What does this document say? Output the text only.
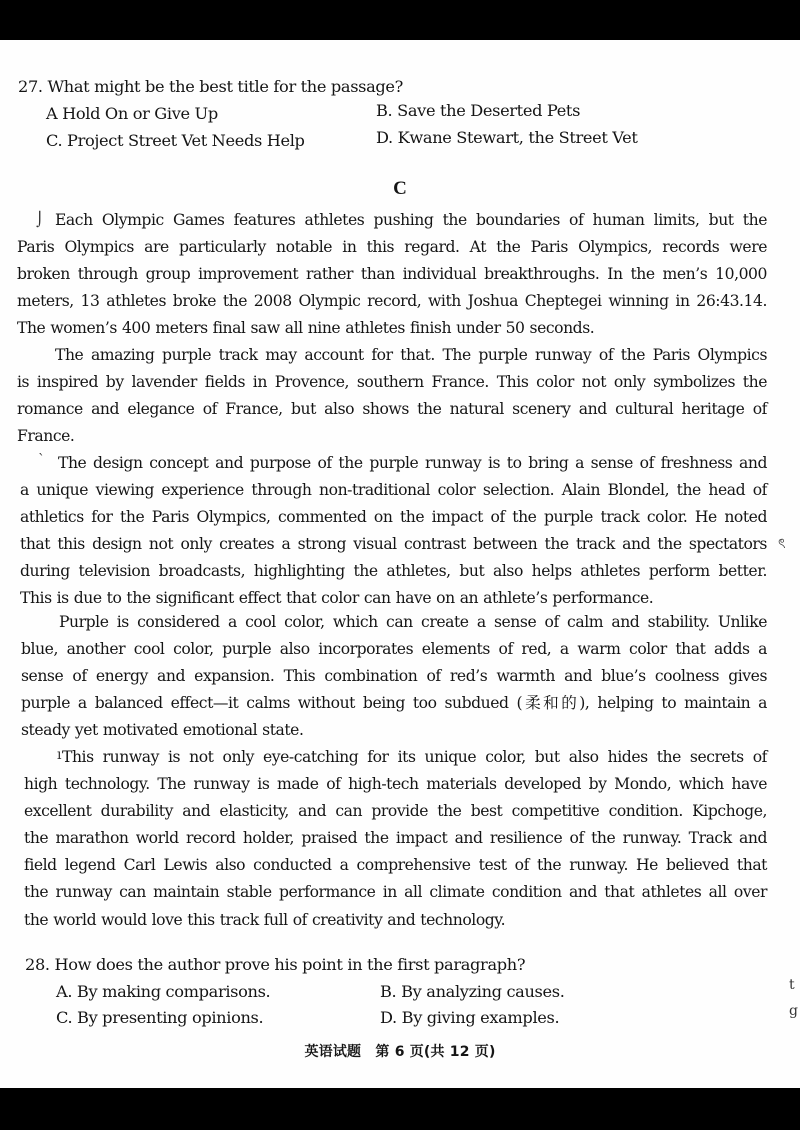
27. What might be the best title for the passage?
A Hold On or Give Up	B. Save the Deserted Pets
C. Project Street Vet Needs Help	D. Kwane Stewart, the Street Vet
C
Each Olympic Games features athletes pushing the boundaries of human limits, but the
Paris Olympics are particularly notable in this regard. At the Paris Olympics, records were
broken through group improvement rather than individual breakthroughs. In the men’s 10,000
meters, 13 athletes broke the 2008 Olympic record, with Joshua Cheptegei winning in 26:43.14.
The women’s 400 meters final saw all nine athletes finish under 50 seconds.
⌡
The amazing purple track may account for that. The purple runway of the Paris Olympics
is inspired by lavender fields in Provence, southern France. This color not only symbolizes the
romance and elegance of France, but also shows the natural scenery and cultural heritage of
France.
The design concept and purpose of the purple runway is to bring a sense of freshness and
a unique viewing experience through non-traditional color selection. Alain Blondel, the head of
athletics for the Paris Olympics, commented on the impact of the purple track color. He noted
that this design not only creates a strong visual contrast between the track and the spectators
during television broadcasts, highlighting the athletes, but also helps athletes perform better.
This is due to the significant effect that color can have on an athlete’s performance.
ˋ
ৎ
Purple is considered a cool color, which can create a sense of calm and stability. Unlike
blue, another cool color, purple also incorporates elements of red, a warm color that adds a
sense of energy and expansion. This combination of red’s warmth and blue’s coolness gives
purple a balanced effect—it calms without being too subdued (柔和的), helping to maintain a
steady yet motivated emotional state.
This runway is not only eye-catching for its unique color, but also hides the secrets of
high technology. The runway is made of high-tech materials developed by Mondo, which have
excellent durability and elasticity, and can provide the best competitive condition. Kipchoge,
the marathon world record holder, praised the impact and resilience of the runway. Track and
field legend Carl Lewis also conducted a comprehensive test of the runway. He believed that
the runway can maintain stable performance in all climate condition and that athletes all over
the world would love this track full of creativity and technology.
ı
28. How does the author prove his point in the first paragraph?
A. By making comparisons.	B. By analyzing causes.
C. By presenting opinions.	D. By giving examples.
t
g
英语试题　第 6 页(共 12 页)
